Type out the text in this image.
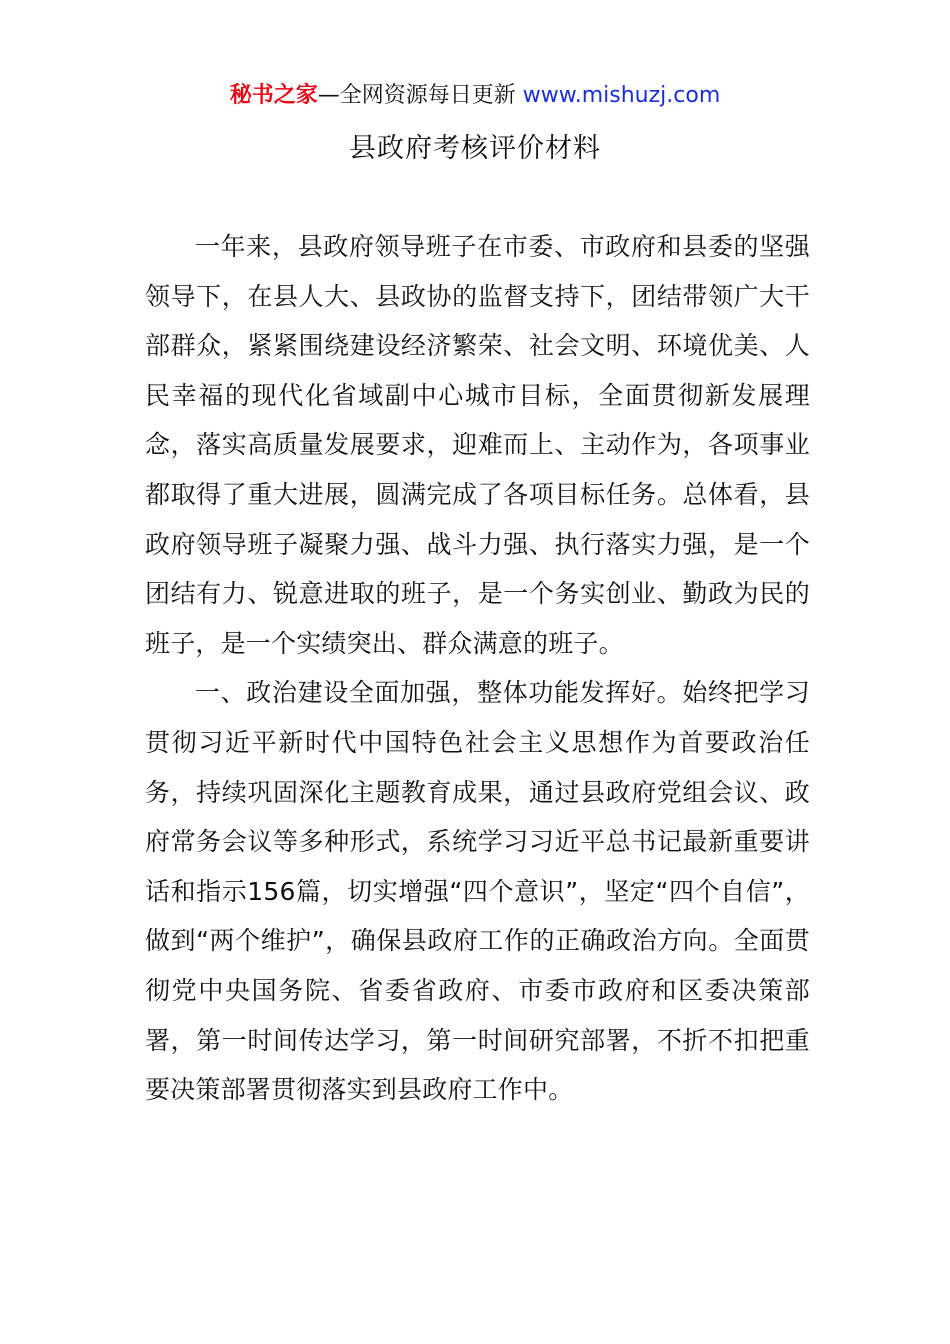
秘书之家—全网资源每日更新 www.mishuzj.com
县政府考核评价材料

一年来，县政府领导班子在市委、市政府和县委的坚强领导下，在县人大、县政协的监督支持下，团结带领广大干部群众，紧紧围绕建设经济繁荣、社会文明、环境优美、人民幸福的现代化省域副中心城市目标，全面贯彻新发展理念，落实高质量发展要求，迎难而上、主动作为，各项事业都取得了重大进展，圆满完成了各项目标任务。总体看，县政府领导班子凝聚力强、战斗力强、执行落实力强，是一个团结有力、锐意进取的班子，是一个务实创业、勤政为民的班子，是一个实绩突出、群众满意的班子。

一、政治建设全面加强，整体功能发挥好。始终把学习贯彻习近平新时代中国特色社会主义思想作为首要政治任务，持续巩固深化主题教育成果，通过县政府党组会议、政府常务会议等多种形式，系统学习习近平总书记最新重要讲话和指示156篇，切实增强“四个意识”，坚定“四个自信”，做到“两个维护”，确保县政府工作的正确政治方向。全面贯彻党中央国务院、省委省政府、市委市政府和区委决策部署，第一时间传达学习，第一时间研究部署，不折不扣把重要决策部署贯彻落实到县政府工作中。
